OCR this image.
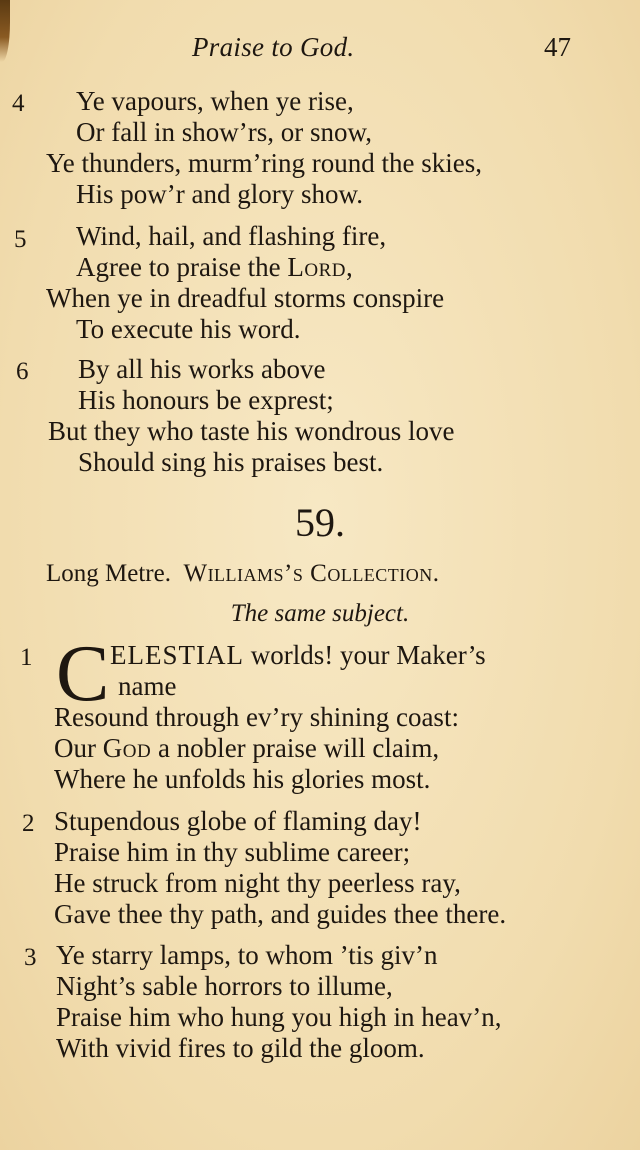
Praise to God.	47
4 Ye vapours, when ye rise,
Or fall in show’rs, or snow,
Ye thunders, murm’ring round the skies,
His pow’r and glory show.
5 Wind, hail, and flashing fire,
Agree to praise the Lord,
When ye in dreadful storms conspire
To execute his word.
6 By all his works above
His honours be exprest;
But they who taste his wondrous love
Should sing his praises best.
59.
Long Metre. Williams’s Collection.
The same subject.
1 C ELESTIAL worlds! your Maker’s
name
Resound through ev’ry shining coast:
Our God a nobler praise will claim,
Where he unfolds his glories most.
2 Stupendous globe of flaming day!
Praise him in thy sublime career;
He struck from night thy peerless ray,
Gave thee thy path, and guides thee there.
3 Ye starry lamps, to whom ’tis giv’n
Night’s sable horrors to illume,
Praise him who hung you high in heav’n,
With vivid fires to gild the gloom.
